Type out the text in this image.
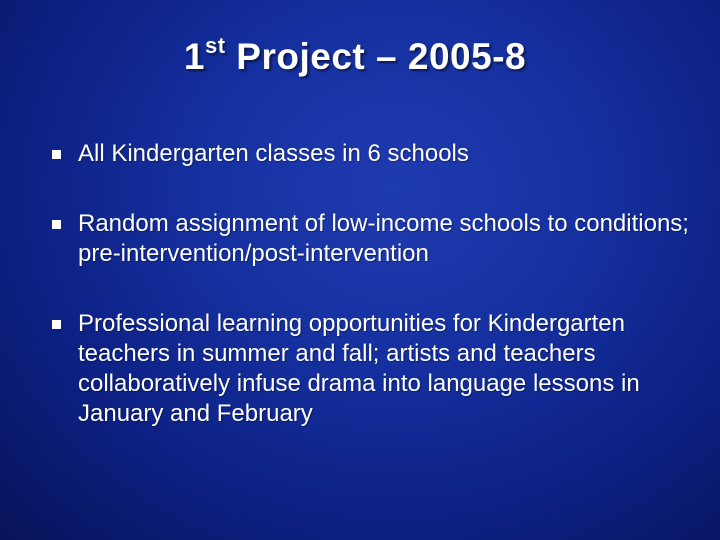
1st Project – 2005-8
All Kindergarten classes in 6 schools
Random assignment of low-income schools to conditions; pre-intervention/post-intervention
Professional learning opportunities for Kindergarten teachers in summer and fall; artists and teachers collaboratively infuse drama into language lessons in January and February
